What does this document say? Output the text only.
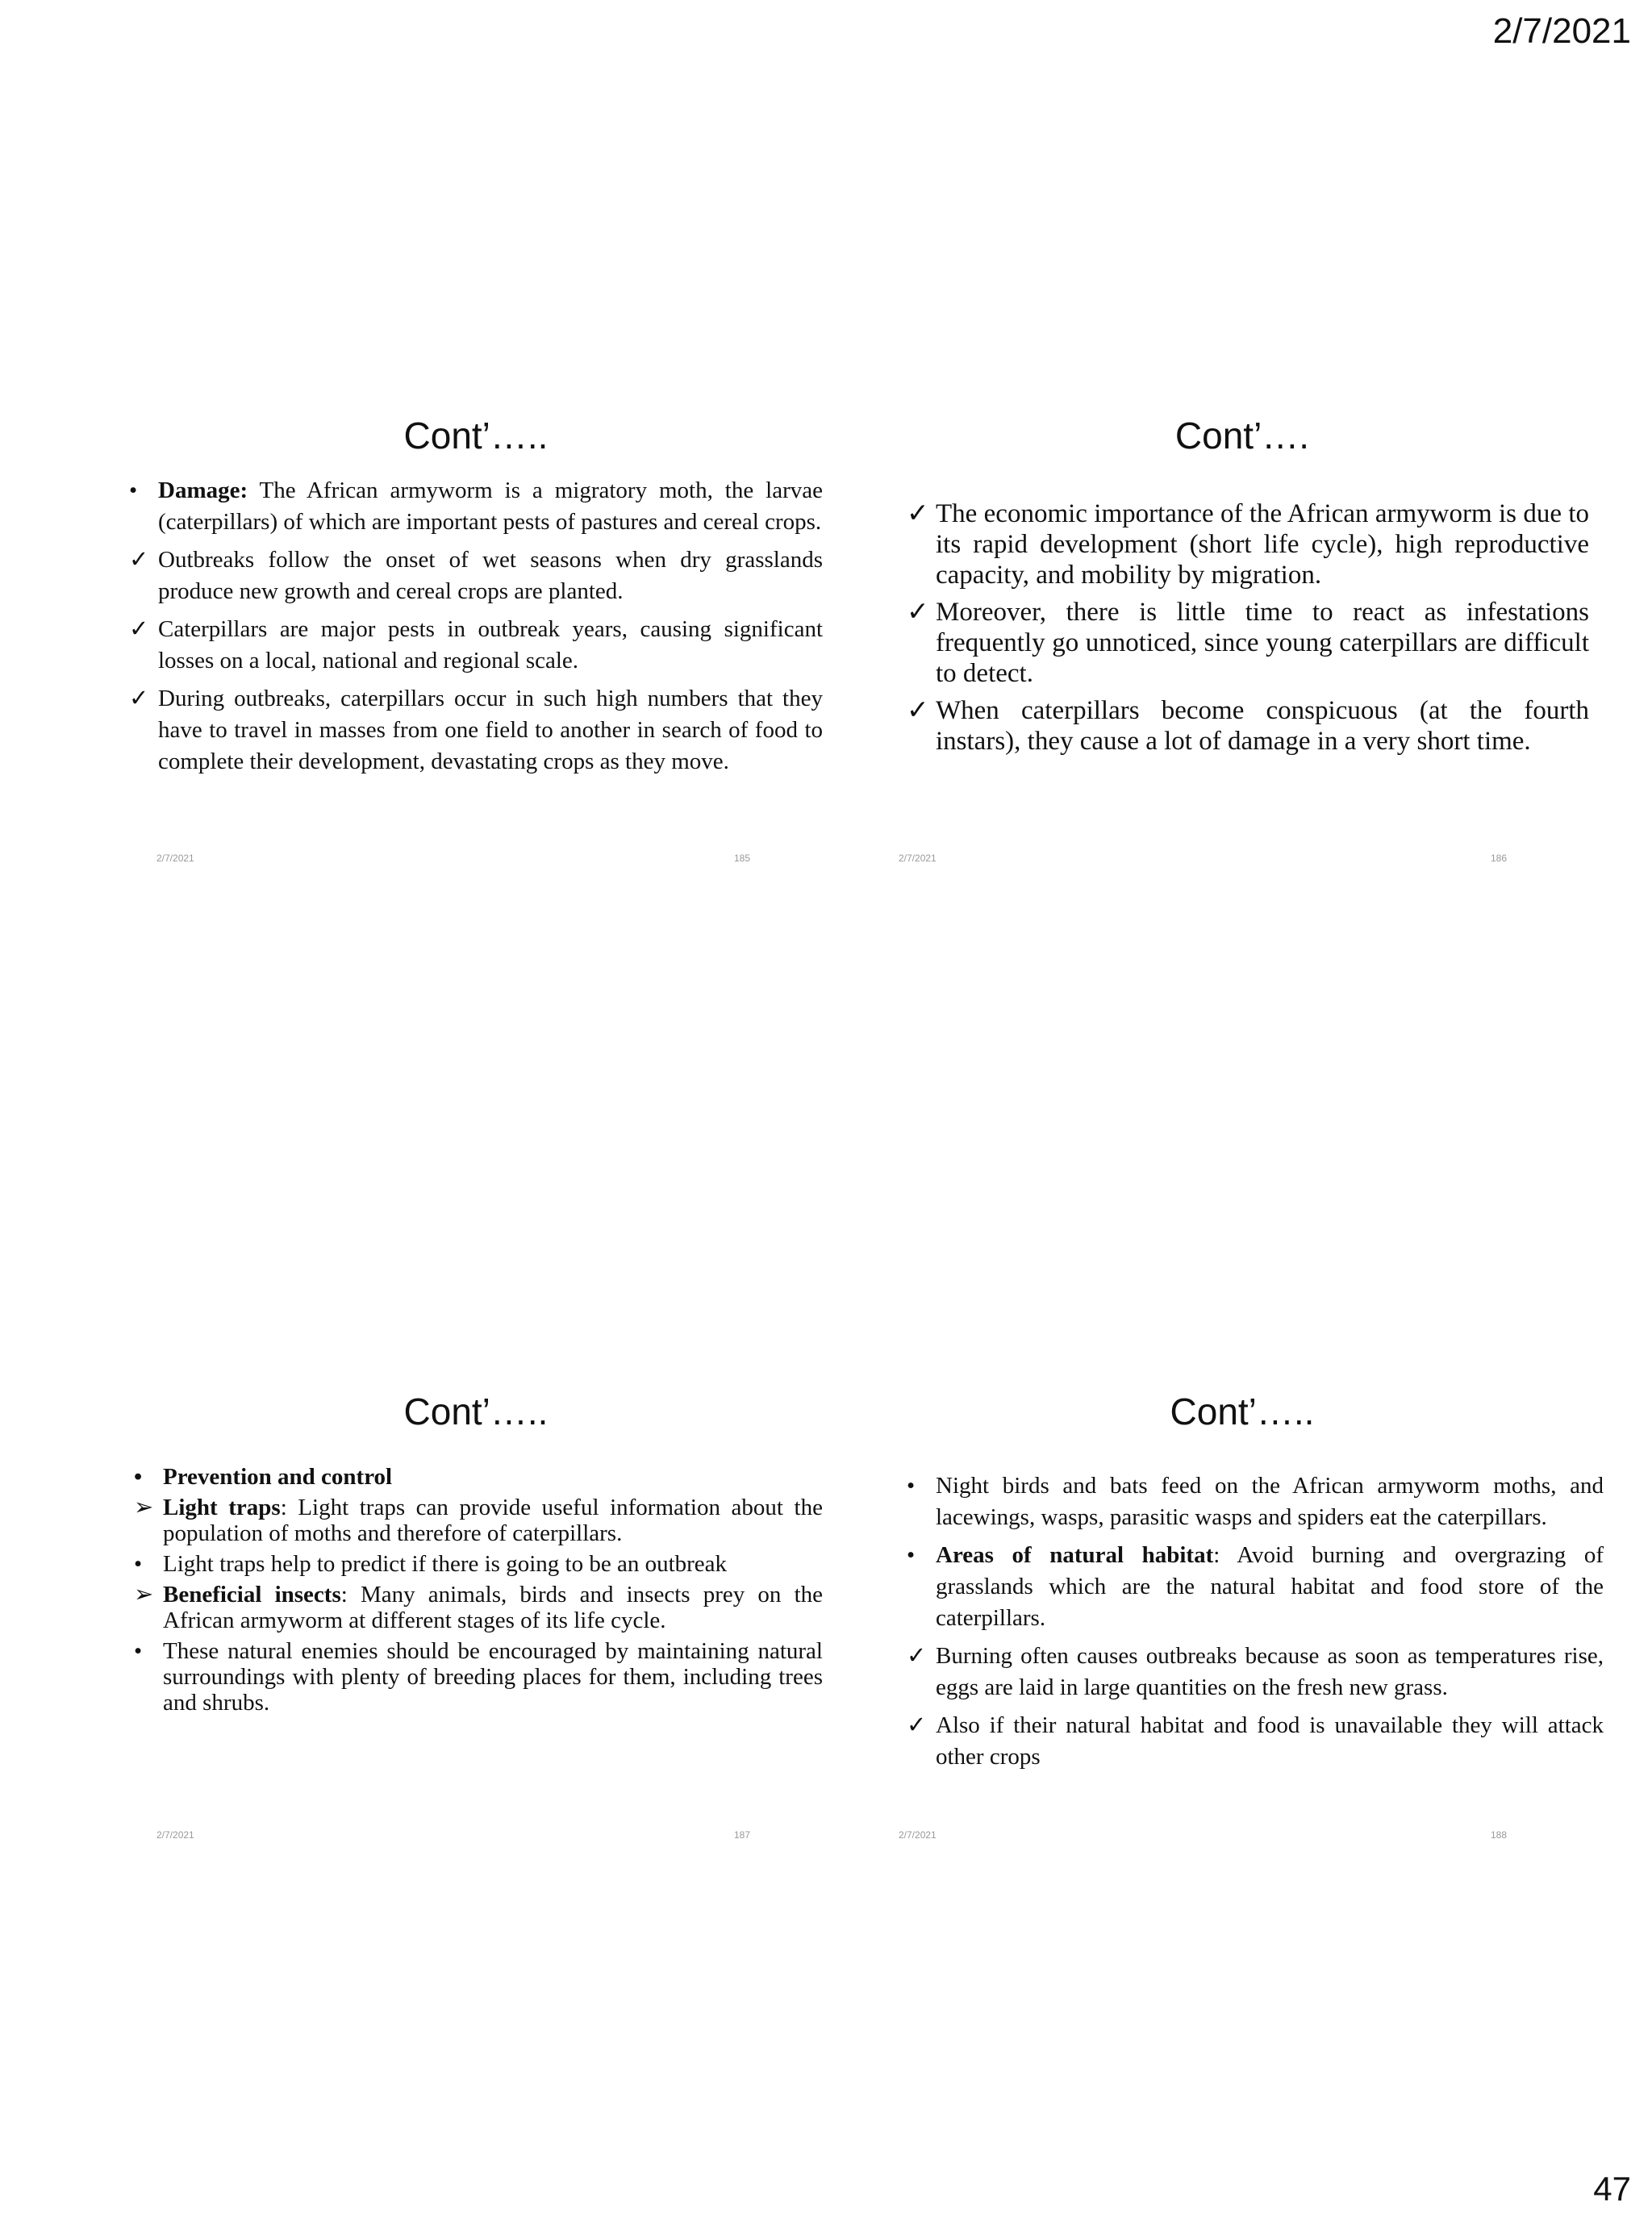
2/7/2021
Cont’…..

• Damage: The African armyworm is a migratory moth, the larvae (caterpillars) of which are important pests of pastures and cereal crops.

✓ Outbreaks follow the onset of wet seasons when dry grasslands produce new growth and cereal crops are planted.

✓ Caterpillars are major pests in outbreak years, causing significant losses on a local, national and regional scale.

✓ During outbreaks, caterpillars occur in such high numbers that they have to travel in masses from one field to another in search of food to complete their development, devastating crops as they move.

2/7/2021	185
Cont’….

✓ The economic importance of the African armyworm is due to its rapid development (short life cycle), high reproductive capacity, and mobility by migration.

✓ Moreover, there is little time to react as infestations frequently go unnoticed, since young caterpillars are difficult to detect.

✓ When caterpillars become conspicuous (at the fourth instars), they cause a lot of damage in a very short time.

2/7/2021	186
Cont’…..

• Prevention and control

➢ Light traps: Light traps can provide useful information about the population of moths and therefore of caterpillars.

• Light traps help to predict if there is going to be an outbreak

➢ Beneficial insects: Many animals, birds and insects prey on the African armyworm at different stages of its life cycle.

• These natural enemies should be encouraged by maintaining natural surroundings with plenty of breeding places for them, including trees and shrubs.

2/7/2021	187
Cont’…..

• Night birds and bats feed on the African armyworm moths, and lacewings, wasps, parasitic wasps and spiders eat the caterpillars.

• Areas of natural habitat: Avoid burning and overgrazing of grasslands which are the natural habitat and food store of the caterpillars.

✓ Burning often causes outbreaks because as soon as temperatures rise, eggs are laid in large quantities on the fresh new grass.

✓ Also if their natural habitat and food is unavailable they will attack other crops

2/7/2021	188
47
